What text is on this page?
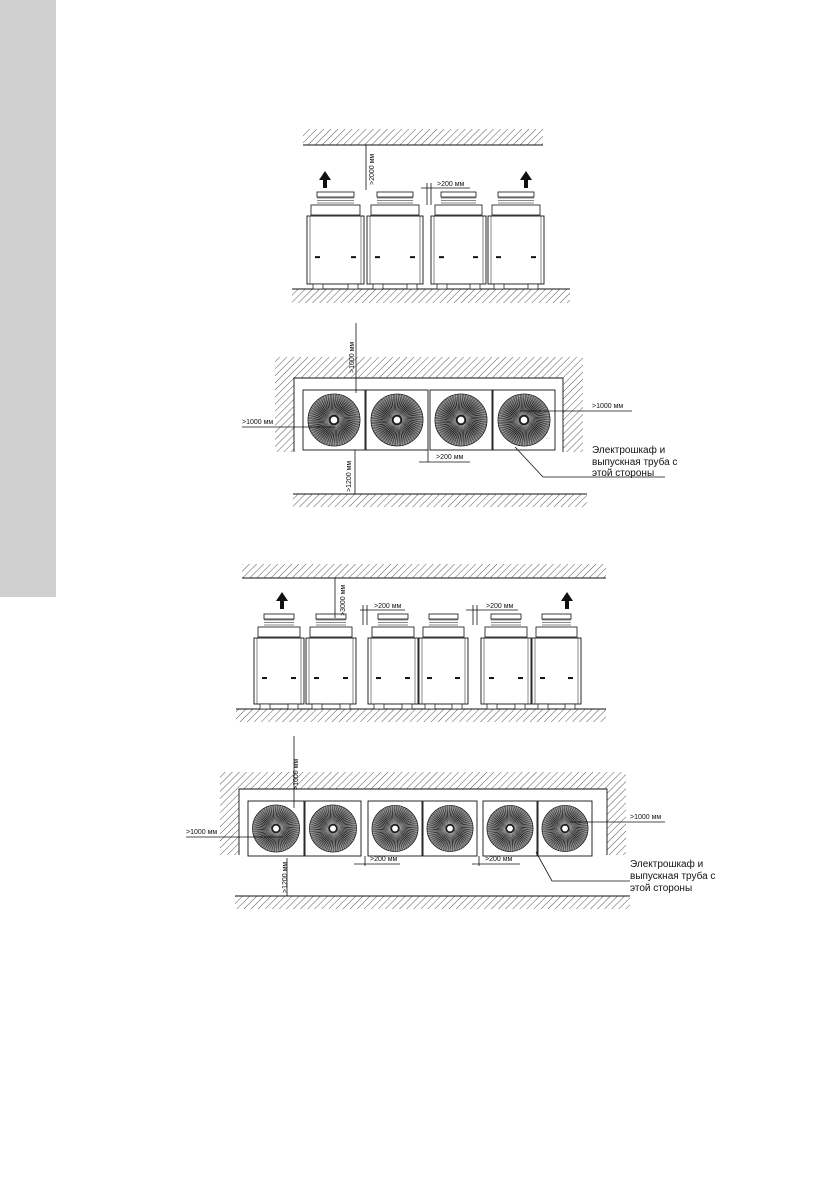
>2000 мм	>200 мм
>1000 мм
>1000 мм
>1000 мм
>1200 мм
>200 мм
Электрошкаф и
выпускная труба с
этой стороны
>3000 мм	>200 мм	>200 мм
>1000 мм
>1000 мм
>1000 мм
>1200 мм
>200 мм	>200 мм	Электрошкаф и
выпускная труба с
этой стороны
